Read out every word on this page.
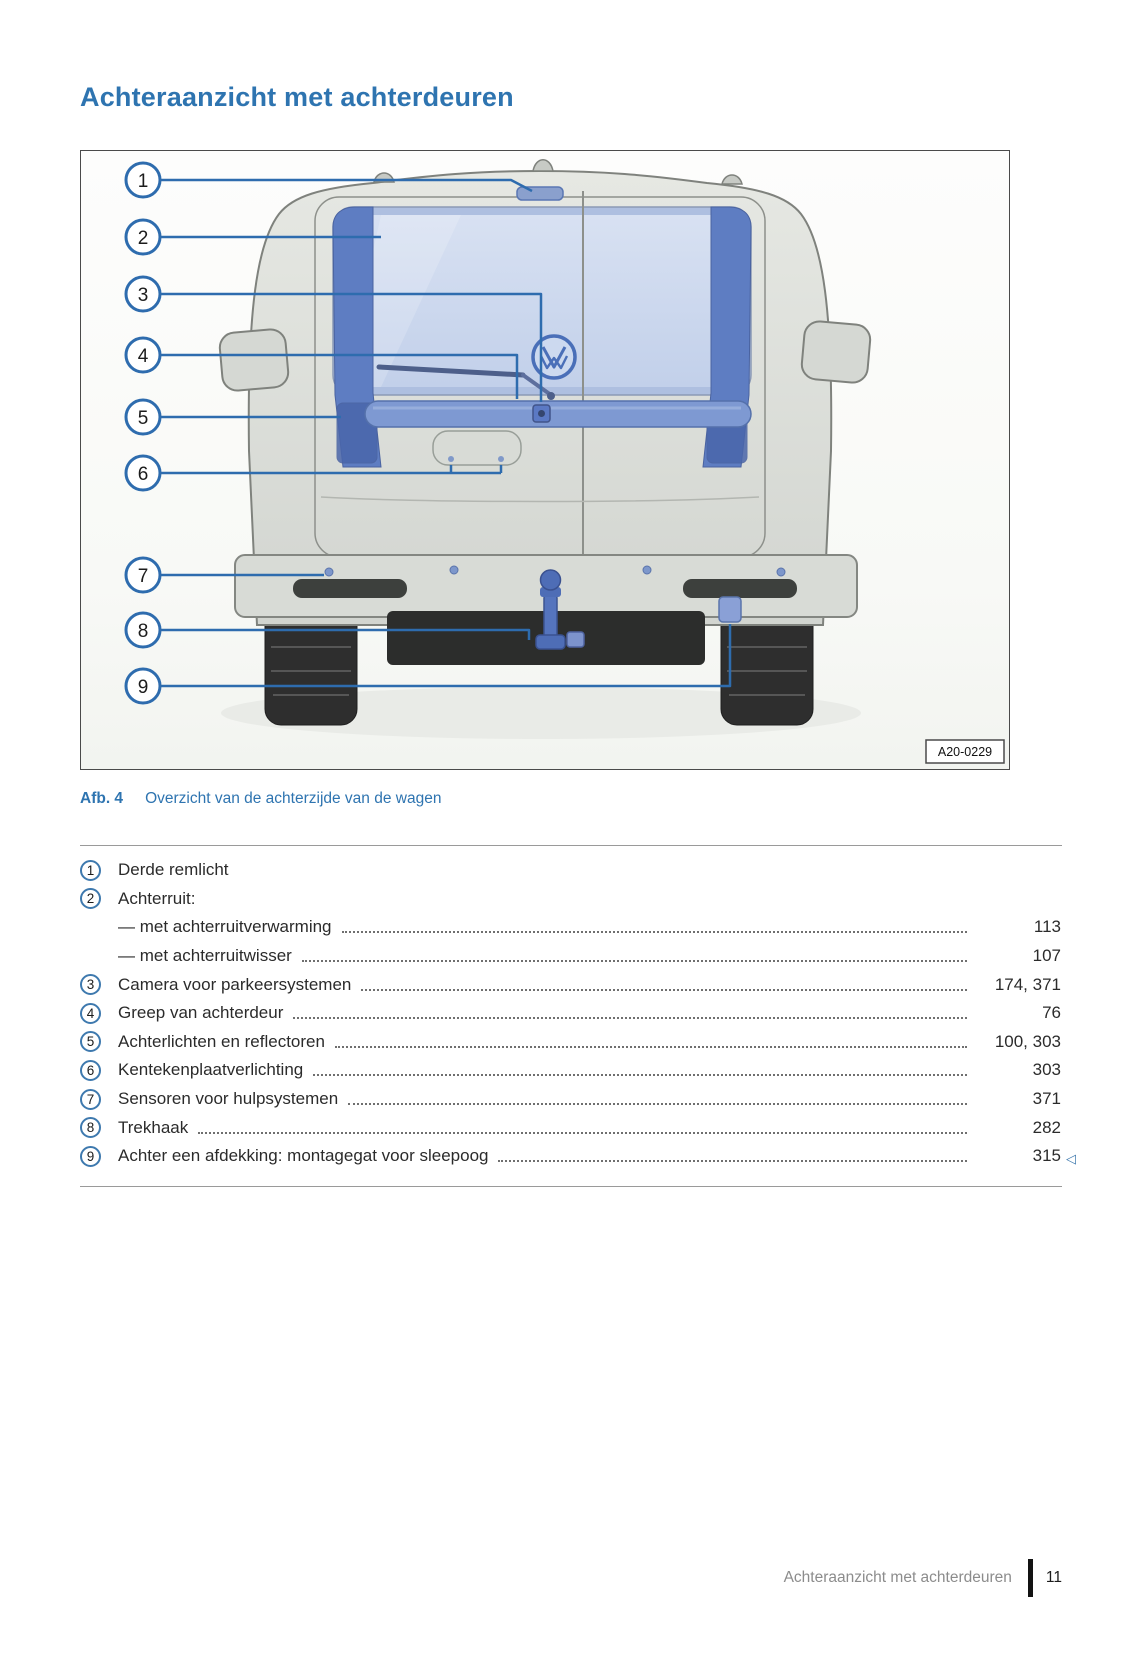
Achteraanzicht met achterdeuren
1
2
3
4
5
6
7
8
9
A20-0229
Afb. 4 Overzicht van de achterzijde van de wagen
1	Derde remlicht
2	Achterruit:
— met achterruitverwarming	113
— met achterruitwisser	107
3	Camera voor parkeersystemen	174, 371
4	Greep van achterdeur	76
5	Achterlichten en reflectoren	100, 303
6	Kentekenplaatverlichting	303
7	Sensoren voor hulpsystemen	371
8	Trekhaak	282
9	Achter een afdekking: montagegat voor sleepoog	315 ◁
Achteraanzicht met achterdeuren 11
